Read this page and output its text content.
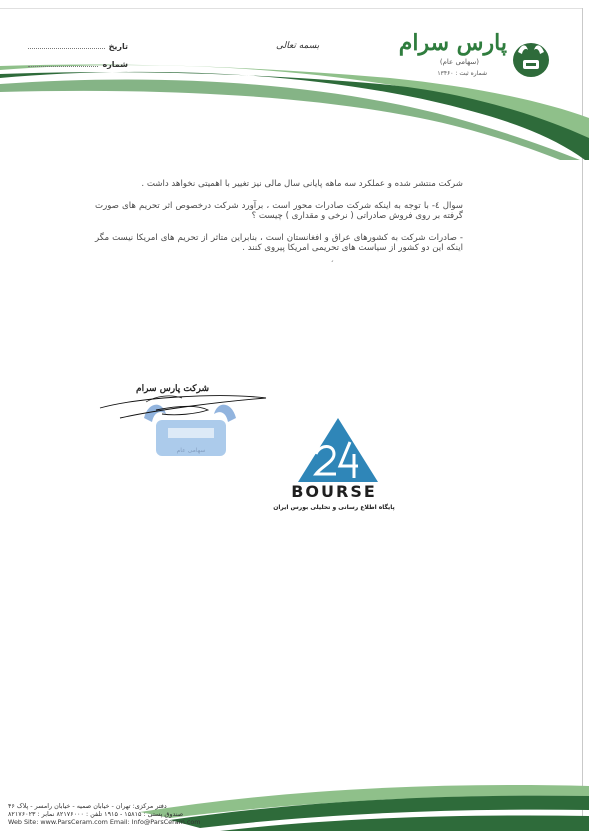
پارس سرام
(سهامی عام)
شماره ثبت : ۱۳۴۶۰
بسمه تعالی
تاریخ
شماره

شرکت منتشر شده و عملکرد سه ماهه پایانی سال مالی نیز تغییر با اهمیتی نخواهد داشت .

سوال ٤- با توجه به اینکه شرکت صادرات محور است ، برآورد شرکت درخصوص اثر تحریم های صورت گرفته بر روی فروش صادراتی ( نرخی و مقداری ) چیست ؟

- صادرات شرکت به کشورهای عراق و افغانستان است ، بنابراین متاثر از تحریم های امریکا نیست مگر اینکه این دو کشور از سیاست های تحریمی امریکا پیروی کنند .

ˏ
سهامی عام
شرکت پارس سرام
BOURSE
پایگاه اطلاع رسانی و تحلیلی بورس ایران
دفتر مرکزی: تهران - خیابان صمیه - خیابان رامسر - پلاک ۴۶
صندوق پستی : ۱۵۸۱۵ - ۱۹۱۵ تلفن : ۸۲۱۷۶۰۰۰ نمابر : ۸۲۱۷۶۰۲۳
Web Site: www.ParsCeram.com Email: Info@ParsCeram.com
